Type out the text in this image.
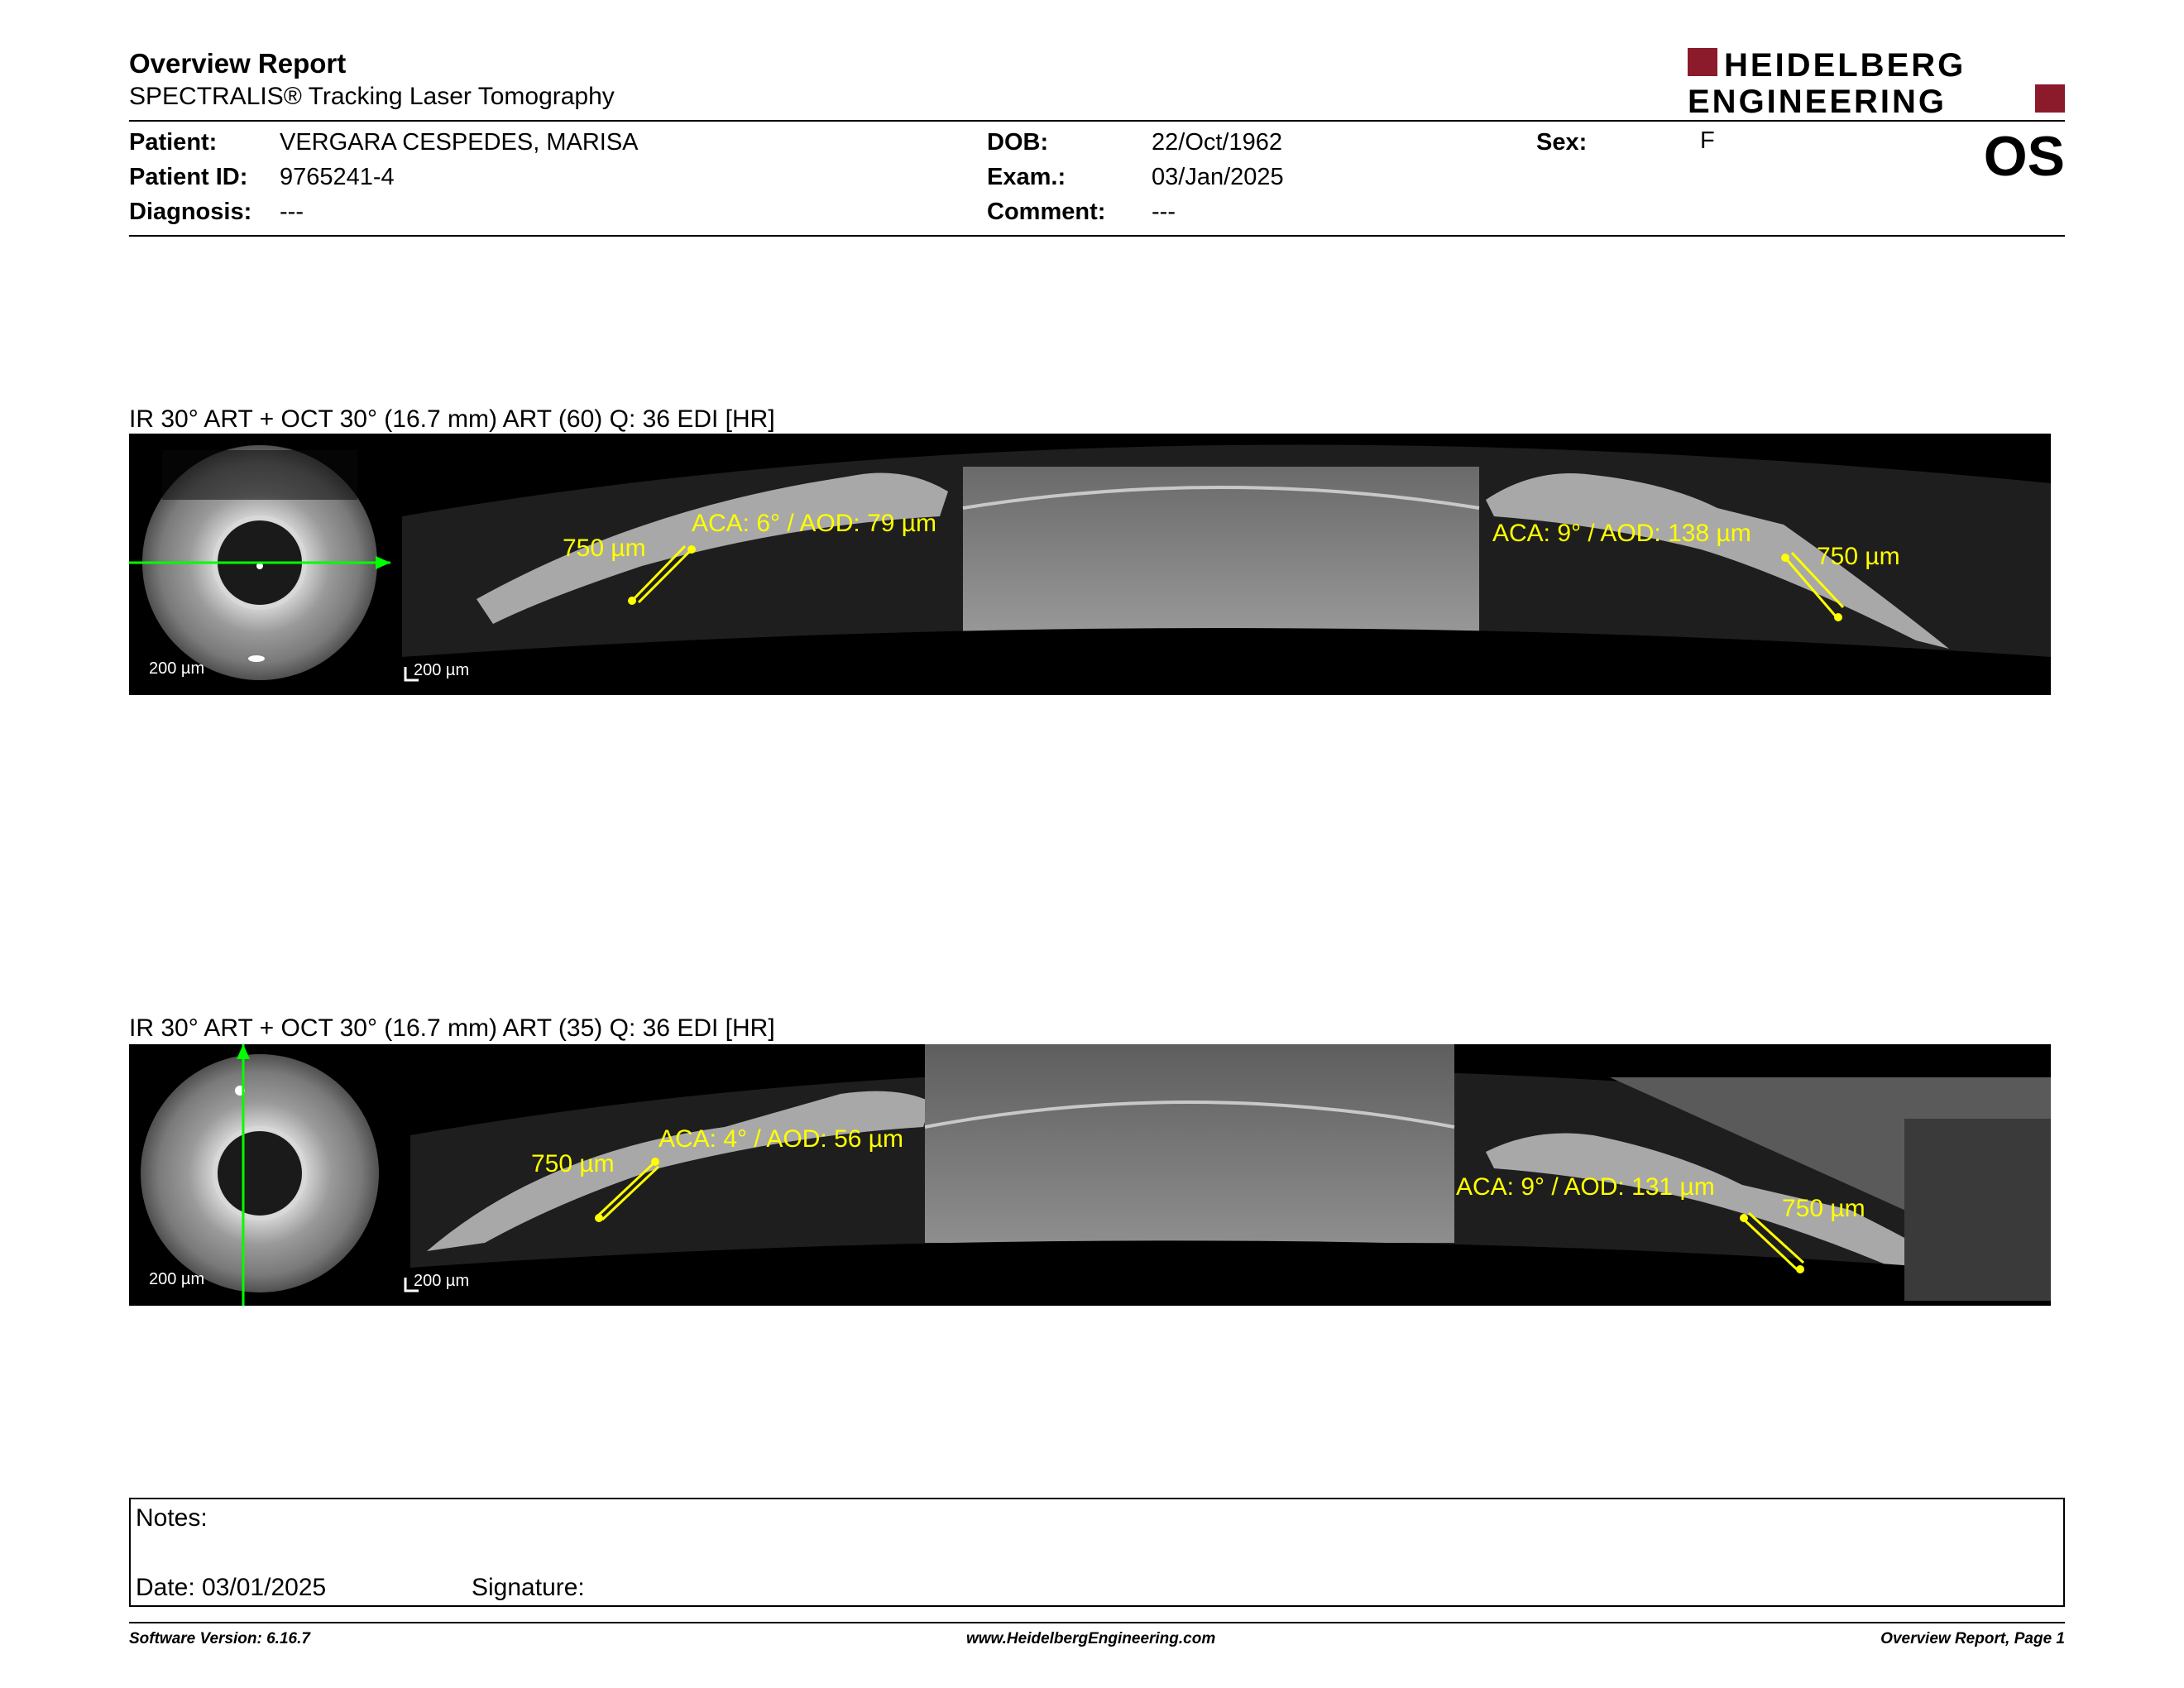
Overview Report
SPECTRALIS® Tracking Laser Tomography
HEIDELBERG
ENGINEERING
OS
Patient:	VERGARA CESPEDES, MARISA
Patient ID: 9765241-4
Diagnosis: ---
DOB:	22/Oct/1962
Exam.:	03/Jan/2025
Comment: ---
Sex:	F
IR 30° ART + OCT 30° (16.7 mm) ART (60) Q: 36 EDI [HR]
200 µm	200 µm
750 µm
ACA: 6° / AOD: 79 µm	ACA: 9° / AOD: 138 µm
750 µm
IR 30° ART + OCT 30° (16.7 mm) ART (35) Q: 36 EDI [HR]
200 µm	200 µm
750 µm
ACA: 4° / AOD: 56 µm
ACA: 9° / AOD: 131 µm
750 µm
Notes:
Date: 03/01/2025	Signature:
Software Version: 6.16.7	www.HeidelbergEngineering.com	Overview Report, Page 1
